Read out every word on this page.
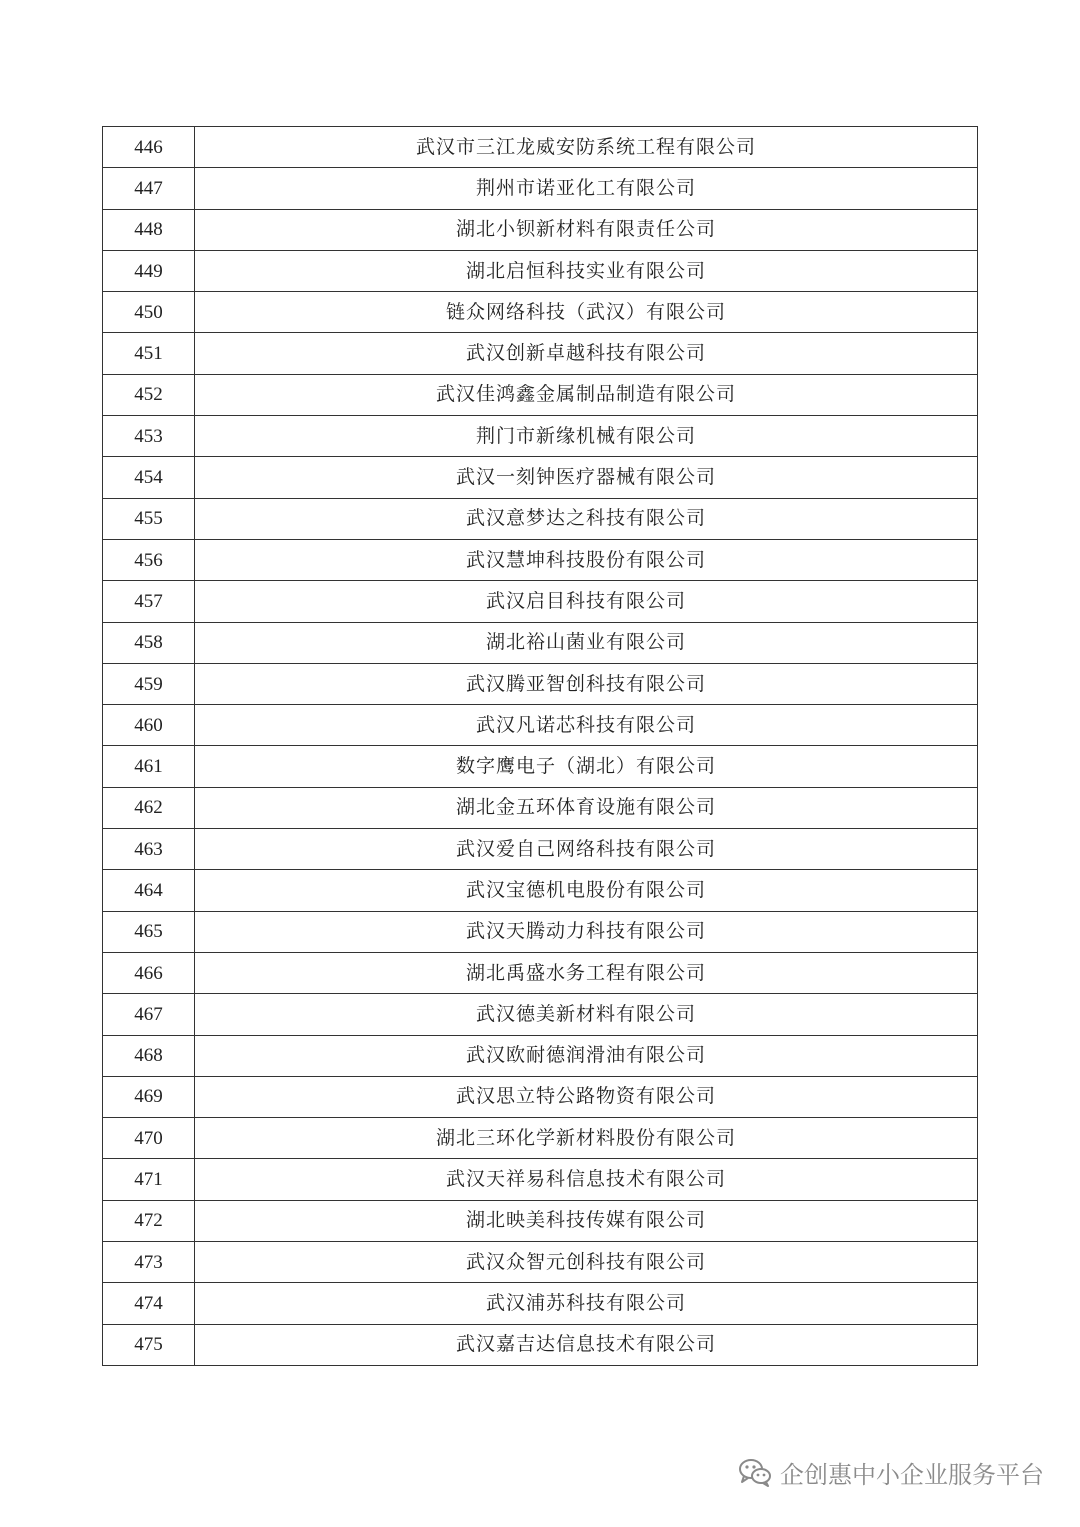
446	武汉市三江龙威安防系统工程有限公司
447	荆州市诺亚化工有限公司
448	湖北小钡新材料有限责任公司
449	湖北启恒科技实业有限公司
450	链众网络科技（武汉）有限公司
451	武汉创新卓越科技有限公司
452	武汉佳鸿鑫金属制品制造有限公司
453	荆门市新缘机械有限公司
454	武汉一刻钟医疗器械有限公司
455	武汉意梦达之科技有限公司
456	武汉慧坤科技股份有限公司
457	武汉启目科技有限公司
458	湖北裕山菌业有限公司
459	武汉腾亚智创科技有限公司
460	武汉凡诺芯科技有限公司
461	数字鹰电子（湖北）有限公司
462	湖北金五环体育设施有限公司
463	武汉爱自己网络科技有限公司
464	武汉宝德机电股份有限公司
465	武汉天腾动力科技有限公司
466	湖北禹盛水务工程有限公司
467	武汉德美新材料有限公司
468	武汉欧耐德润滑油有限公司
469	武汉思立特公路物资有限公司
470	湖北三环化学新材料股份有限公司
471	武汉天祥易科信息技术有限公司
472	湖北映美科技传媒有限公司
473	武汉众智元创科技有限公司
474	武汉浦苏科技有限公司
475	武汉嘉吉达信息技术有限公司
企创惠中小企业服务平台
